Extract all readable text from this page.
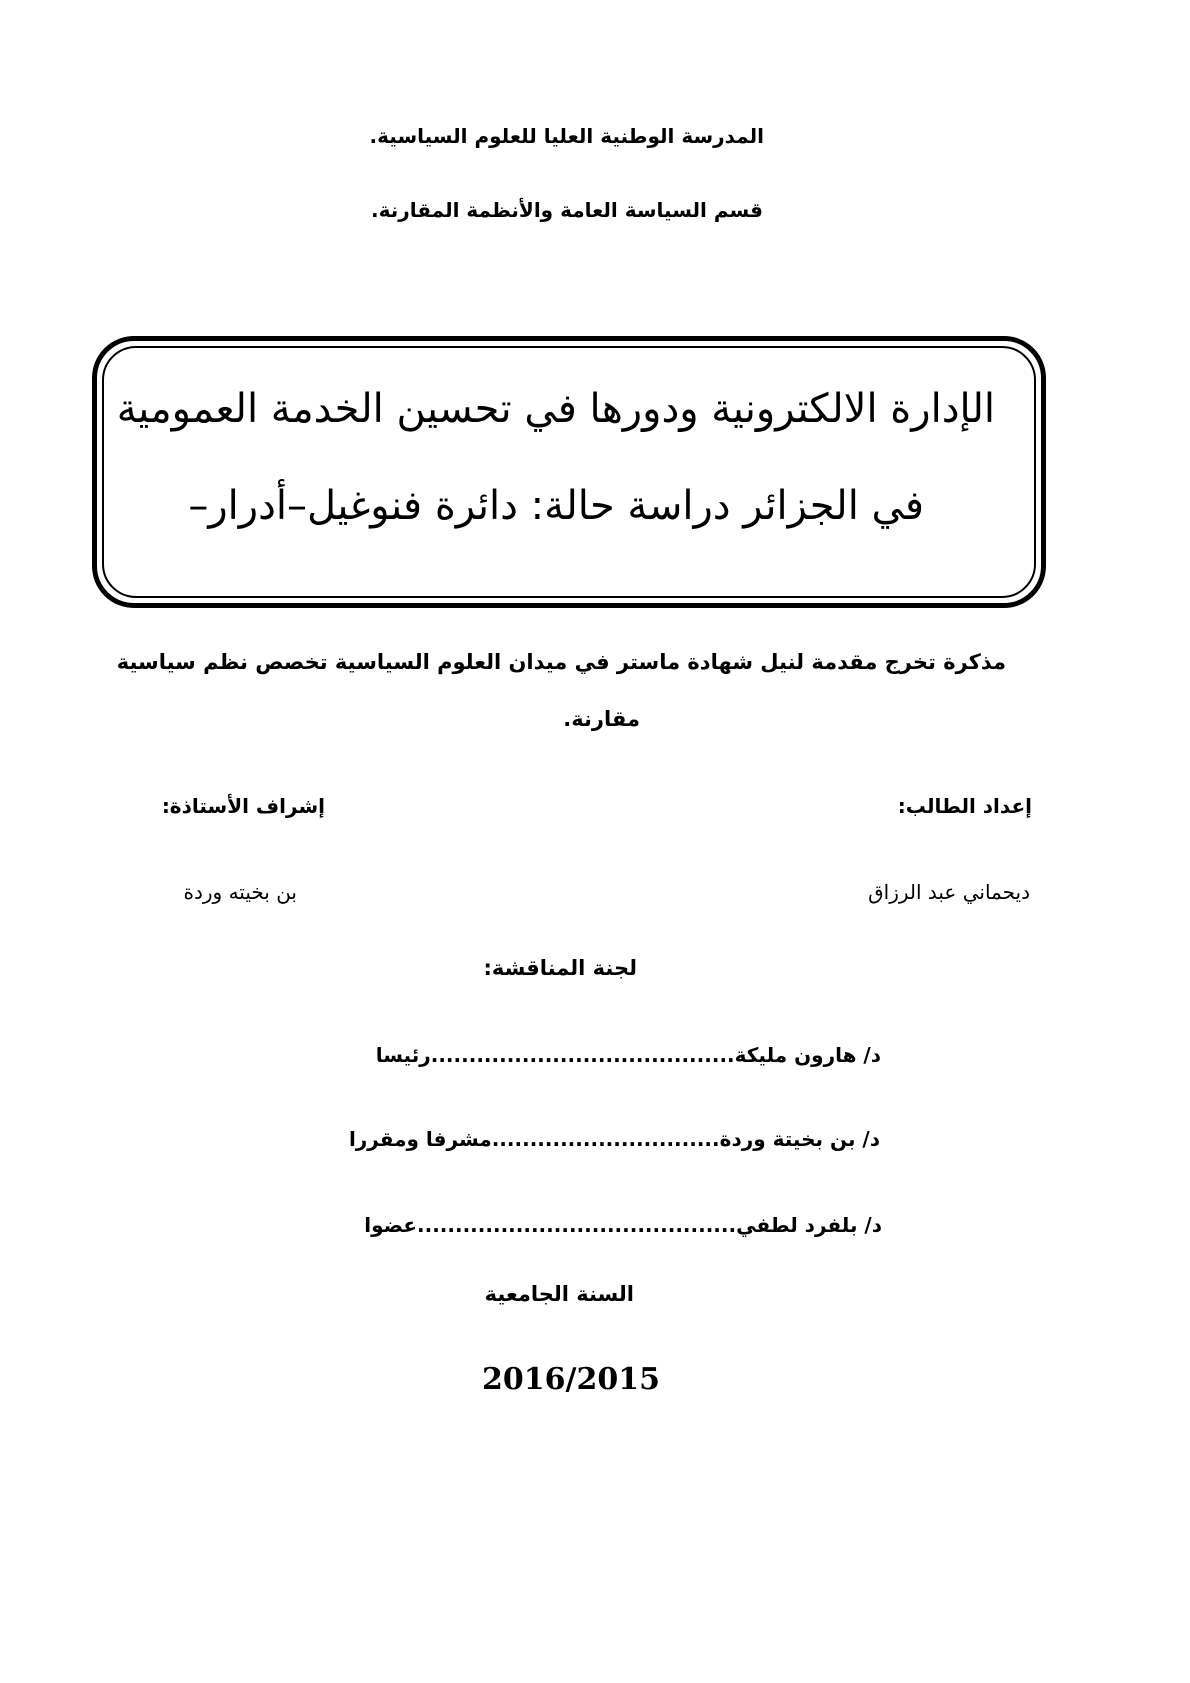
المدرسة الوطنية العليا للعلوم السياسية.
قسم السياسة العامة والأنظمة المقارنة.
الإدارة الالكترونية ودورها في تحسين الخدمة العمومية
في الجزائر دراسة حالة: دائرة فنوغيل–أدرار–
مذكرة تخرج مقدمة لنيل شهادة ماستر في ميدان العلوم السياسية تخصص نظم سياسية
مقارنة.
إعداد الطالب:
إشراف الأستاذة:
ديحماني عبد الرزاق
بن بخيته وردة
لجنة المناقشة:
د/ هارون مليكة........................................رئيسا
د/ بن بخيتة وردة..............................مشرفا ومقررا
د/ بلفرد لطفي..........................................عضوا
السنة الجامعية
2016/2015
